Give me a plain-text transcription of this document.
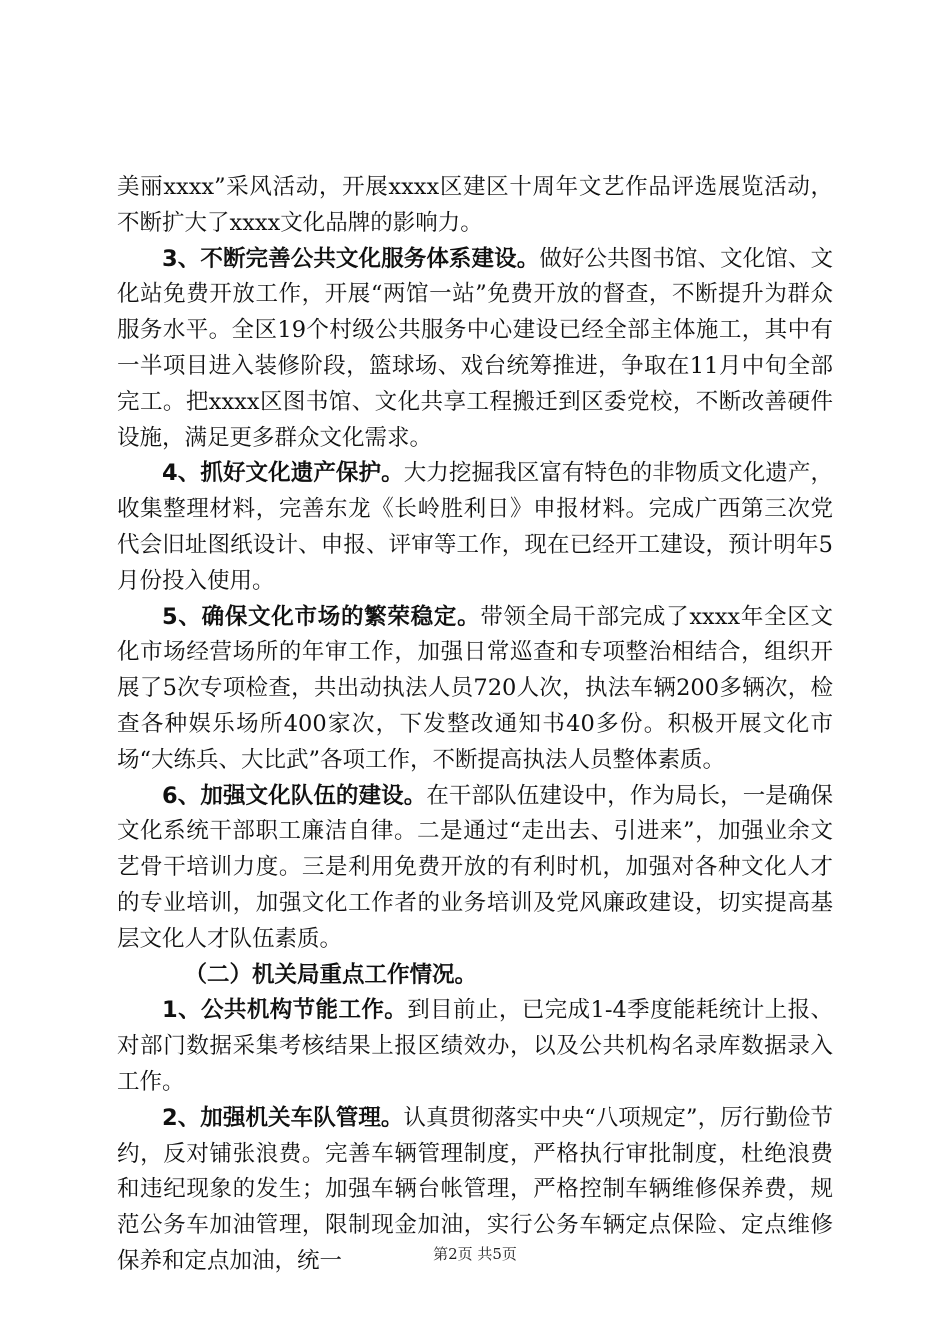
美丽xxxx”采风活动，开展xxxx区建区十周年文艺作品评选展览活动，不断扩大了xxxx文化品牌的影响力。

3、不断完善公共文化服务体系建设。做好公共图书馆、文化馆、文化站免费开放工作，开展“两馆一站”免费开放的督查，不断提升为群众服务水平。全区19个村级公共服务中心建设已经全部主体施工，其中有一半项目进入装修阶段，篮球场、戏台统筹推进，争取在11月中旬全部完工。把xxxx区图书馆、文化共享工程搬迁到区委党校，不断改善硬件设施，满足更多群众文化需求。

4、抓好文化遗产保护。大力挖掘我区富有特色的非物质文化遗产，收集整理材料，完善东龙《长岭胜利日》申报材料。完成广西第三次党代会旧址图纸设计、申报、评审等工作，现在已经开工建设，预计明年5月份投入使用。

5、确保文化市场的繁荣稳定。带领全局干部完成了xxxx年全区文化市场经营场所的年审工作，加强日常巡查和专项整治相结合，组织开展了5次专项检查，共出动执法人员720人次，执法车辆200多辆次，检查各种娱乐场所400家次，下发整改通知书40多份。积极开展文化市场“大练兵、大比武”各项工作，不断提高执法人员整体素质。

6、加强文化队伍的建设。在干部队伍建设中，作为局长，一是确保文化系统干部职工廉洁自律。二是通过“走出去、引进来”，加强业余文艺骨干培训力度。三是利用免费开放的有利时机，加强对各种文化人才的专业培训，加强文化工作者的业务培训及党风廉政建设，切实提高基层文化人才队伍素质。

（二）机关局重点工作情况。

1、公共机构节能工作。到目前止，已完成1-4季度能耗统计上报、对部门数据采集考核结果上报区绩效办，以及公共机构名录库数据录入工作。

2、加强机关车队管理。认真贯彻落实中央“八项规定”，厉行勤俭节约，反对铺张浪费。完善车辆管理制度，严格执行审批制度，杜绝浪费和违纪现象的发生；加强车辆台帐管理，严格控制车辆维修保养费，规范公务车加油管理，限制现金加油，实行公务车辆定点保险、定点维修保养和定点加油，统一	第2页 共5页
